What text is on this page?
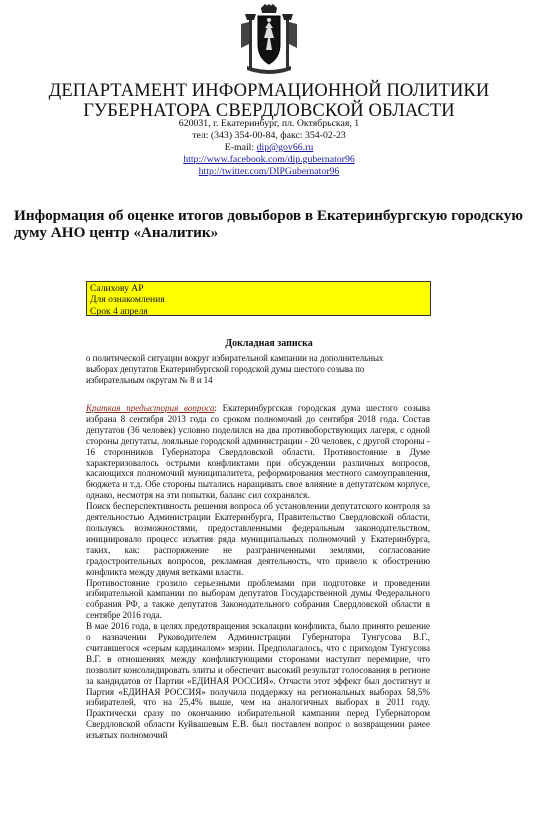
ДЕПАРТАМЕНТ ИНФОРМАЦИОННОЙ ПОЛИТИКИ
ГУБЕРНАТОРА СВЕРДЛОВСКОЙ ОБЛАСТИ
620031, г. Екатеринбург, пл. Октябрьская, 1
тел: (343) 354-00-84, факс: 354-02-23
E-mail: dip@gov66.ru
http://www.facebook.com/dip.gubernator96
http://twitter.com/DIPGubernator96
Информация об оценке итогов довыборов в Екатеринбургскую городскую думу АНО центр «Аналитик»
Салихову АР
Для ознакомления
Срок 4 апреля
Докладная записка
о политической ситуации вокруг избирательной кампании на дополнительных выборах депутатов Екатеринбургской городской думы шестого созыва по избирательным округам № 8 и 14

Краткая предыстория вопроса: Екатеринбургская городская дума шестого созыва избрана 8 сентября 2013 года со сроком полномочий до сентября 2018 года. Состав депутатов (36 человек) условно поделился на два противоборствующих лагеря, с одной стороны депутаты, лояльные городской администрации - 20 человек, с другой стороны - 16 сторонников Губернатора Свердловской области. Противостояние в Думе характеризовалось острыми конфликтами при обсуждении различных вопросов, касающихся полномочий муниципалитета, реформирования местного самоуправления, бюджета и т.д. Обе стороны пытались наращивать свое влияние в депутатском корпусе, однако, несмотря на эти попытки, баланс сил сохранялся.

Поиск бесперспективность решения вопроса об установлении депутатского контроля за деятельностью Администрации Екатеринбурга, Правительство Свердловской области, пользуясь возможностями, предоставленными федеральным законодательством, инициировало процесс изъятия ряда муниципальных полномочий у Екатеринбурга, таких, как: распоряжение не разграниченными землями, согласование градостроительных вопросов, рекламная деятельность, что привело к обострению конфликта между двумя ветками власти.

Противостояние грозило серьезными проблемами при подготовке и проведении избирательной кампании по выборам депутатов Государственной думы Федерального собрания РФ, а также депутатов Законодательного собрания Свердловской области в сентябре 2016 года.

В мае 2016 года, в целях предотвращения эскалации конфликта, было принято решение о назначении Руководителем Администрации Губернатора Тунгусова В.Г., считавшегося «серым кардиналом» мэрии. Предполагалось, что с приходом Тунгусова В.Г. в отношениях между конфликтующими сторонами наступит перемирие, что позволит консолидировать элиты и обеспечит высокий результат голосования в регионе за кандидатов от Партии «ЕДИНАЯ РОССИЯ». Отчасти этот эффект был достигнут и Партия «ЕДИНАЯ РОССИЯ» получила поддержку на региональных выборах 58,5% избирателей, что на 25,4% выше, чем на аналогичных выборах в 2011 году. Практически сразу по окончанию избирательной кампании перед Губернатором Свердловской области Куйвашевым Е.В. был поставлен вопрос о возвращении ранее изъятых полномочий
